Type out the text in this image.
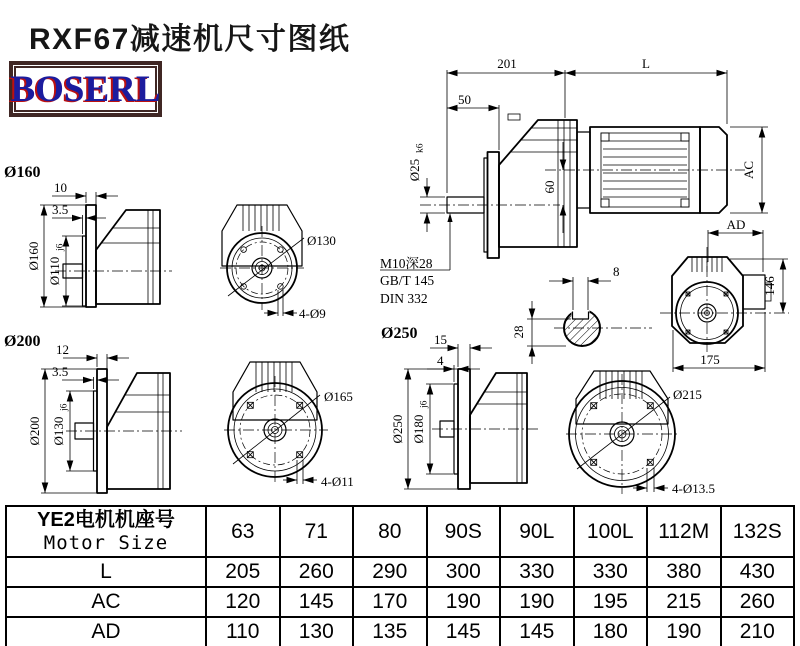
RXF67减速机尺寸图纸
BOSERL
Ø160
Ø200	Ø250
10
3.5
Ø160
Ø110
j6	Ø130
4-Ø9
12
3.5
Ø200 Ø130
j6
Ø165
4-Ø11
15
4
Ø250 Ø180
j6
Ø215
4-Ø13.5
201	L
50
Ø25
k6
60
AC
AD
M10深28
GB/T 145
DIN 332
8
28
146
175
YE2电机机座号
Motor Size	63	71	80	90S	90L	100L	112M	132S
L	205	260	290	300	330	330	380	430
AC	120	145	170	190	190	195	215	260
AD	110	130	135	145	145	180	190	210
